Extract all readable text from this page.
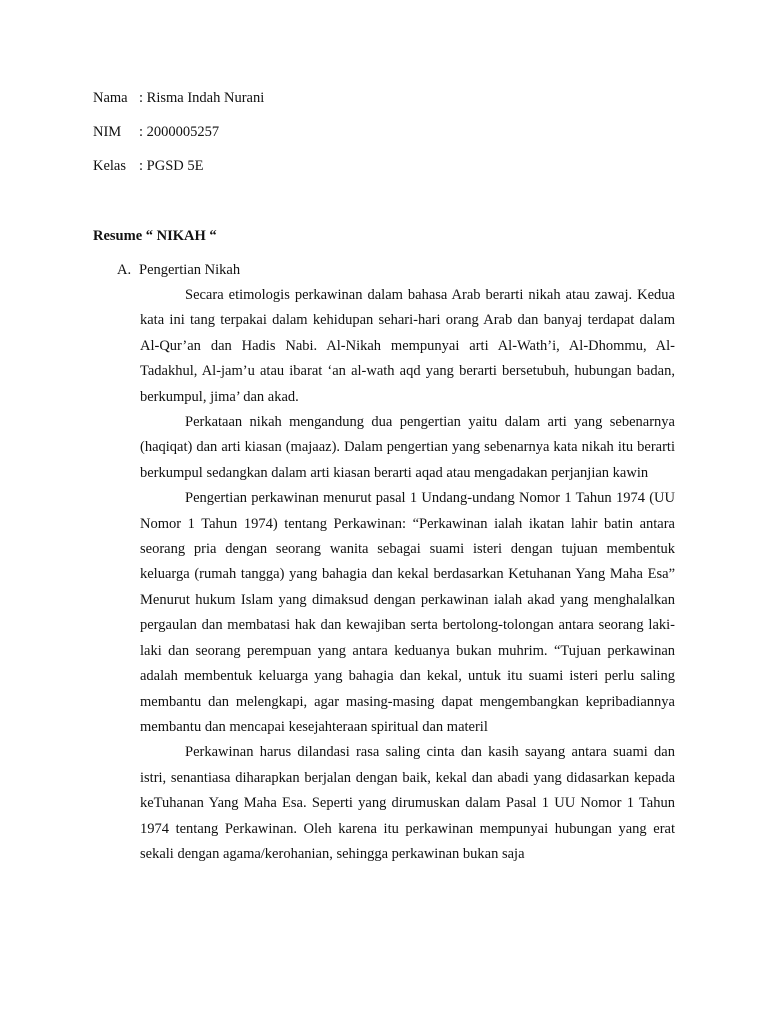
Nama : Risma Indah Nurani
NIM : 2000005257
Kelas : PGSD 5E
Resume “ NIKAH “
A. Pengertian Nikah

Secara etimologis perkawinan dalam bahasa Arab berarti nikah atau zawaj. Kedua kata ini tang terpakai dalam kehidupan sehari-hari orang Arab dan banyaj terdapat dalam Al-Qur’an dan Hadis Nabi. Al-Nikah mempunyai arti Al-Wath’i, Al-Dhommu, Al-Tadakhul, Al-jam’u atau ibarat ‘an al-wath aqd yang berarti bersetubuh, hubungan badan, berkumpul, jima’ dan akad.

Perkataan nikah mengandung dua pengertian yaitu dalam arti yang sebenarnya (haqiqat) dan arti kiasan (majaaz). Dalam pengertian yang sebenarnya kata nikah itu berarti berkumpul sedangkan dalam arti kiasan berarti aqad atau mengadakan perjanjian kawin

Pengertian perkawinan menurut pasal 1 Undang-undang Nomor 1 Tahun 1974 (UU Nomor 1 Tahun 1974) tentang Perkawinan: “Perkawinan ialah ikatan lahir batin antara seorang pria dengan seorang wanita sebagai suami isteri dengan tujuan membentuk keluarga (rumah tangga) yang bahagia dan kekal berdasarkan Ketuhanan Yang Maha Esa” Menurut hukum Islam yang dimaksud dengan perkawinan ialah akad yang menghalalkan pergaulan dan membatasi hak dan kewajiban serta bertolong-tolongan antara seorang laki-laki dan seorang perempuan yang antara keduanya bukan muhrim. “Tujuan perkawinan adalah membentuk keluarga yang bahagia dan kekal, untuk itu suami isteri perlu saling membantu dan melengkapi, agar masing-masing dapat mengembangkan kepribadiannya membantu dan mencapai kesejahteraan spiritual dan materil

Perkawinan harus dilandasi rasa saling cinta dan kasih sayang antara suami dan istri, senantiasa diharapkan berjalan dengan baik, kekal dan abadi yang didasarkan kepada keTuhanan Yang Maha Esa. Seperti yang dirumuskan dalam Pasal 1 UU Nomor 1 Tahun 1974 tentang Perkawinan. Oleh karena itu perkawinan mempunyai hubungan yang erat sekali dengan agama/kerohanian, sehingga perkawinan bukan saja
